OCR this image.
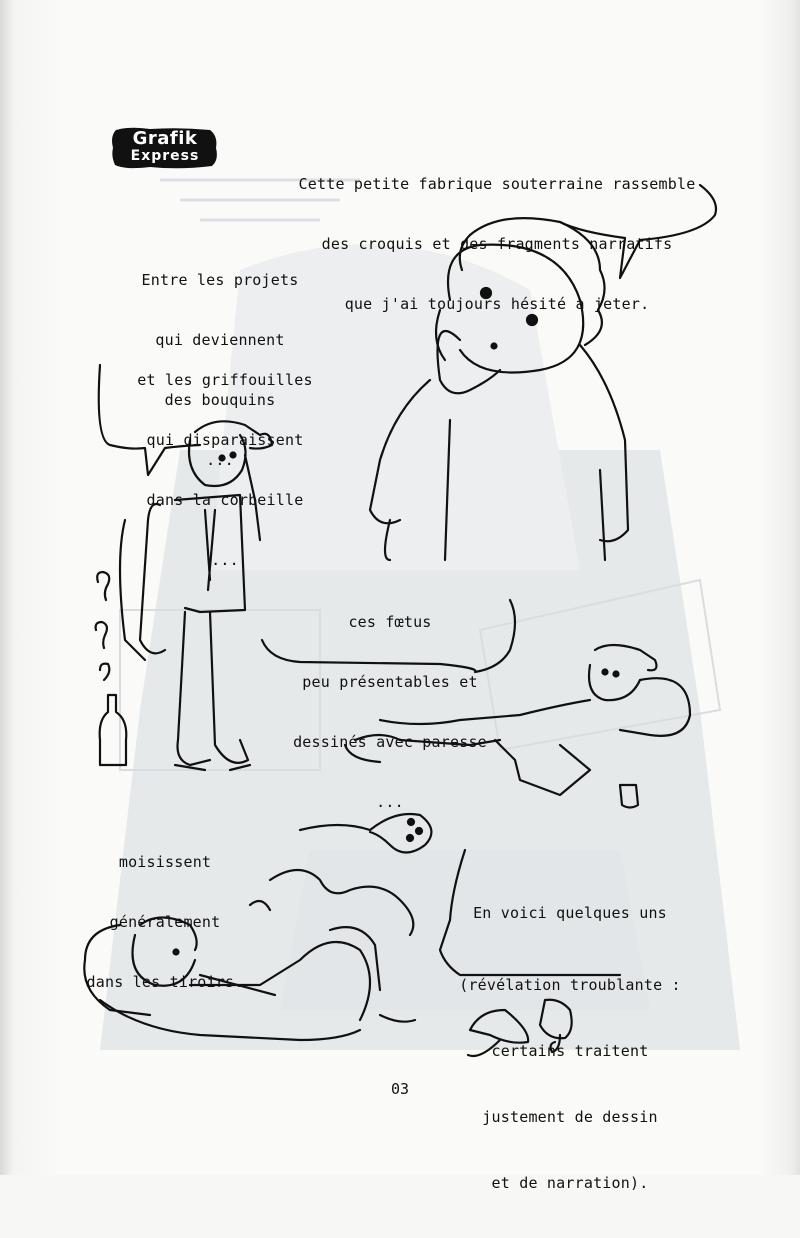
Grafik
Express

Cette petite fabrique souterraine rassemble

des croquis et des fragments narratifs

que j'ai toujours hésité a jeter.

Entre les projets

qui deviennent

des bouquins

...

et les griffouilles

qui disparaissent

dans la corbeille

...

ces fœtus

peu présentables et

dessinés avec paresse

...

moisissent

généralement

dans les tiroirs.

En voici quelques uns

(révélation troublante :

certains traitent

justement de dessin

et de narration).

03
